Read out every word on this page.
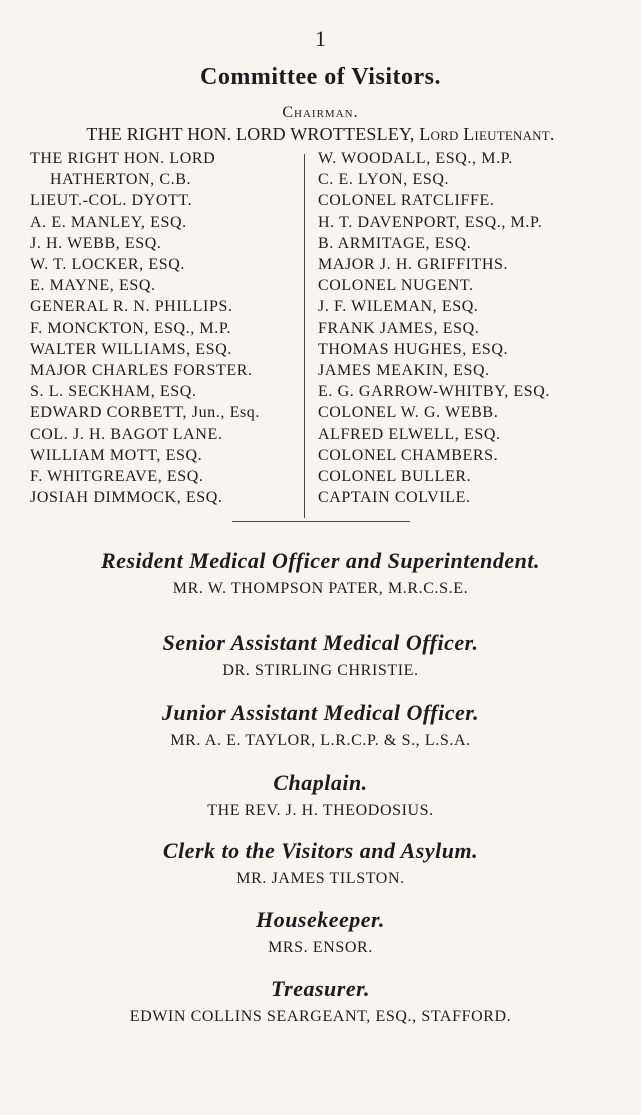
1
Committee of Visitors.
Chairman.
THE RIGHT HON. LORD WROTTESLEY, Lord Lieutenant.
THE RIGHT HON. LORD
HATHERTON, C.B.
LIEUT.-COL. DYOTT.
A. E. MANLEY, ESQ.
J. H. WEBB, ESQ.
W. T. LOCKER, ESQ.
E. MAYNE, ESQ.
GENERAL R. N. PHILLIPS.
F. MONCKTON, ESQ., M.P.
WALTER WILLIAMS, ESQ.
MAJOR CHARLES FORSTER.
S. L. SECKHAM, ESQ.
EDWARD CORBETT, Jun., Esq.
COL. J. H. BAGOT LANE.
WILLIAM MOTT, ESQ.
F. WHITGREAVE, ESQ.
JOSIAH DIMMOCK, ESQ.
W. WOODALL, ESQ., M.P.
C. E. LYON, ESQ.
COLONEL RATCLIFFE.
H. T. DAVENPORT, ESQ., M.P.
B. ARMITAGE, ESQ.
MAJOR J. H. GRIFFITHS.
COLONEL NUGENT.
J. F. WILEMAN, ESQ.
FRANK JAMES, ESQ.
THOMAS HUGHES, ESQ.
JAMES MEAKIN, ESQ.
E. G. GARROW-WHITBY, ESQ.
COLONEL W. G. WEBB.
ALFRED ELWELL, ESQ.
COLONEL CHAMBERS.
COLONEL BULLER.
CAPTAIN COLVILE.
Resident Medical Officer and Superintendent.
MR. W. THOMPSON PATER, M.R.C.S.E.
Senior Assistant Medical Officer.
DR. STIRLING CHRISTIE.
Junior Assistant Medical Officer.
MR. A. E. TAYLOR, L.R.C.P. & S., L.S.A.
Chaplain.
THE REV. J. H. THEODOSIUS.
Clerk to the Visitors and Asylum.
MR. JAMES TILSTON.
Housekeeper.
MRS. ENSOR.
Treasurer.
EDWIN COLLINS SEARGEANT, ESQ., STAFFORD.
